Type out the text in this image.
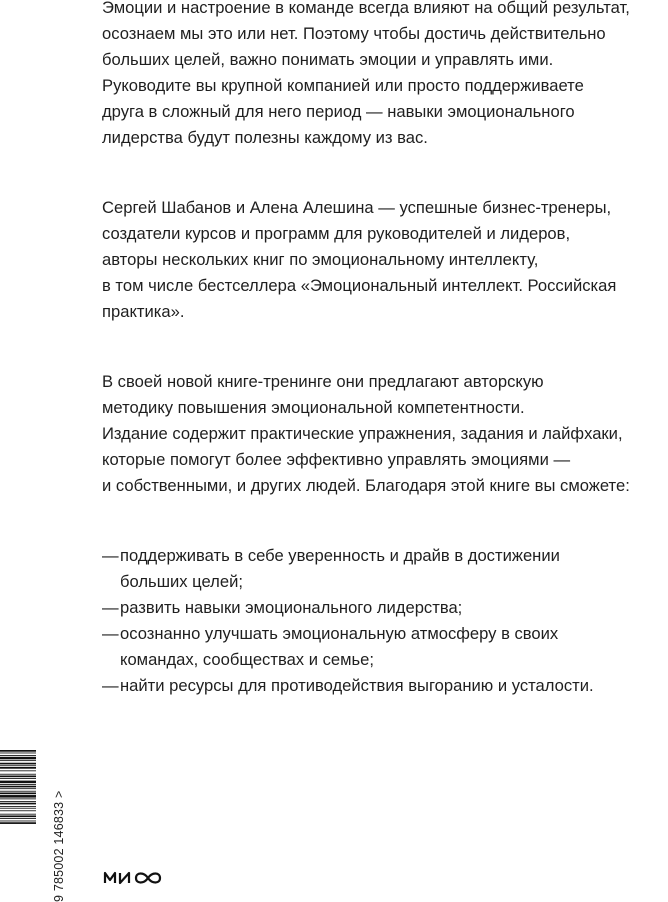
Эмоции и настроение в команде всегда влияют на общий результат,
осознаем мы это или нет. Поэтому чтобы достичь действительно
больших целей, важно понимать эмоции и управлять ими.
Руководите вы крупной компанией или просто поддерживаете
друга в сложный для него период — навыки эмоционального
лидерства будут полезны каждому из вас.
Сергей Шабанов и Алена Алешина — успешные бизнес-тренеры,
создатели курсов и программ для руководителей и лидеров,
авторы нескольких книг по эмоциональному интеллекту,
в том числе бестселлера «Эмоциональный интеллект. Российская
практика».
В своей новой книге-тренинге они предлагают авторскую
методику повышения эмоциональной компетентности.
Издание содержит практические упражнения, задания и лайфхаки,
которые помогут более эффективно управлять эмоциями —
и собственными, и других людей. Благодаря этой книге вы сможете:
— поддерживать в себе уверенность и драйв в достижении
больших целей;
— развить навыки эмоционального лидерства;
— осознанно улучшать эмоциональную атмосферу в своих
командах, сообществах и семье;
— найти ресурсы для противодействия выгоранию и усталости.
9 785002 146833 >
